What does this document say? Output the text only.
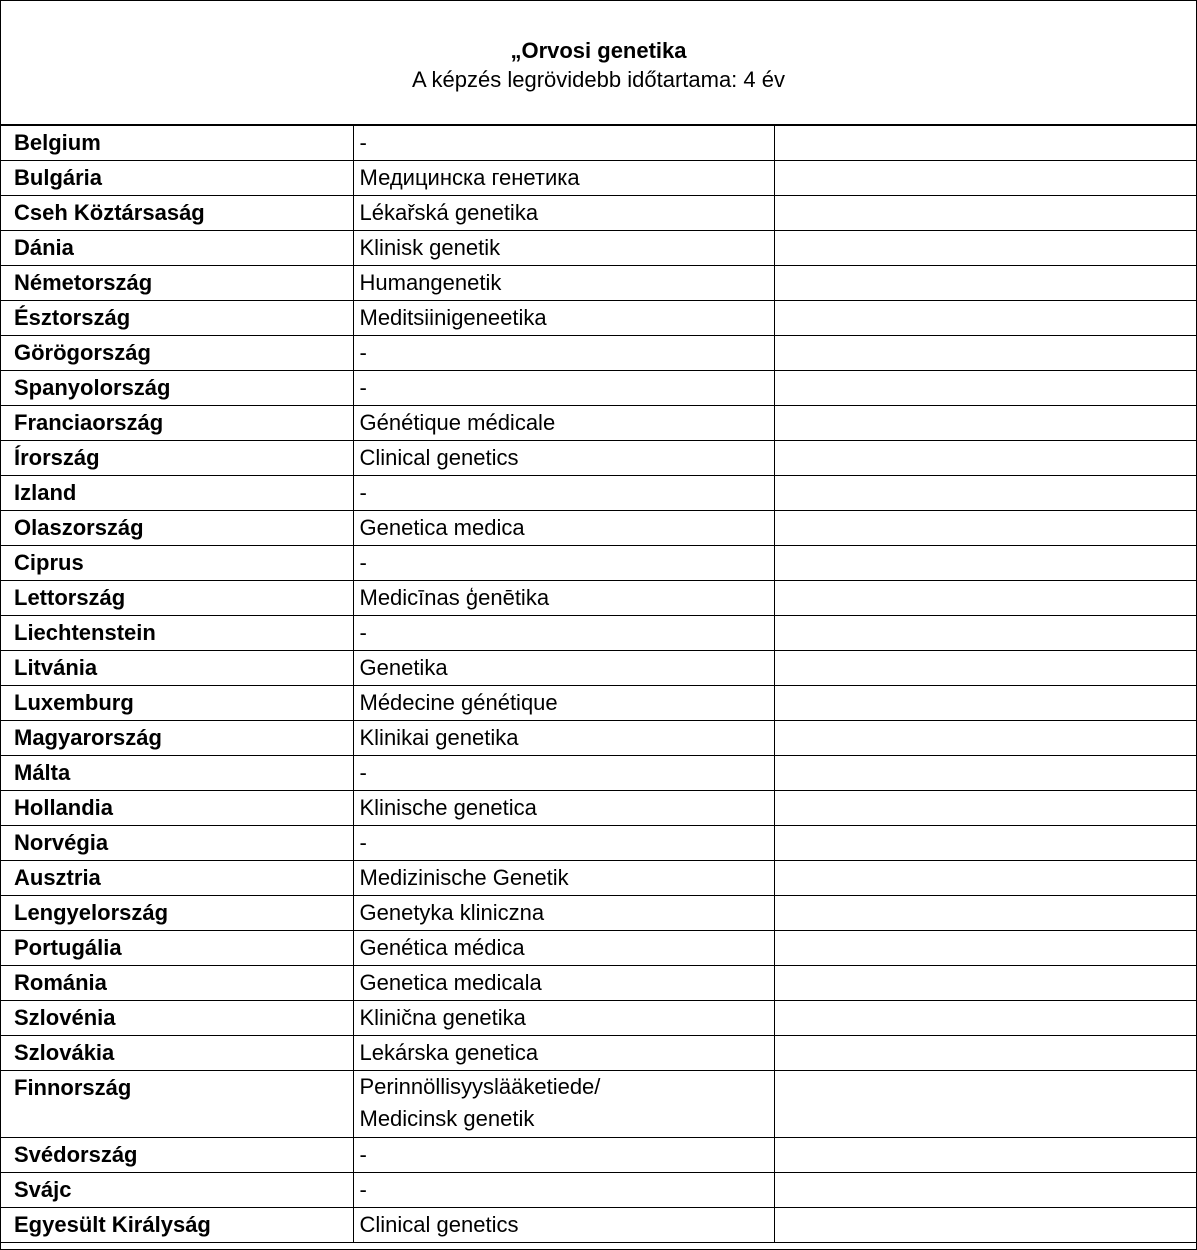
„Orvosi genetika
A képzés legrövidebb időtartama: 4 év
Belgium	-	
Bulgária	Медицинска генетика	
Cseh Köztársaság	Lékařská genetika	
Dánia	Klinisk genetik	
Németország	Humangenetik	
Észtország	Meditsiinigeneetika	
Görögország	-	
Spanyolország	-	
Franciaország	Génétique médicale	
Írország	Clinical genetics	
Izland	-	
Olaszország	Genetica medica	
Ciprus	-	
Lettország	Medicīnas ģenētika	
Liechtenstein	-	
Litvánia	Genetika	
Luxemburg	Médecine génétique	
Magyarország	Klinikai genetika	
Málta	-	
Hollandia	Klinische genetica	
Norvégia	-	
Ausztria	Medizinische Genetik	
Lengyelország	Genetyka kliniczna	
Portugália	Genética médica	
Románia	Genetica medicala	
Szlovénia	Klinična genetika	
Szlovákia	Lekárska genetica	
Finnország	Perinnöllisyyslääketiede/
Medicinsk genetik	

Svédország	-	
Svájc	-	
Egyesült Királyság	Clinical genetics	
